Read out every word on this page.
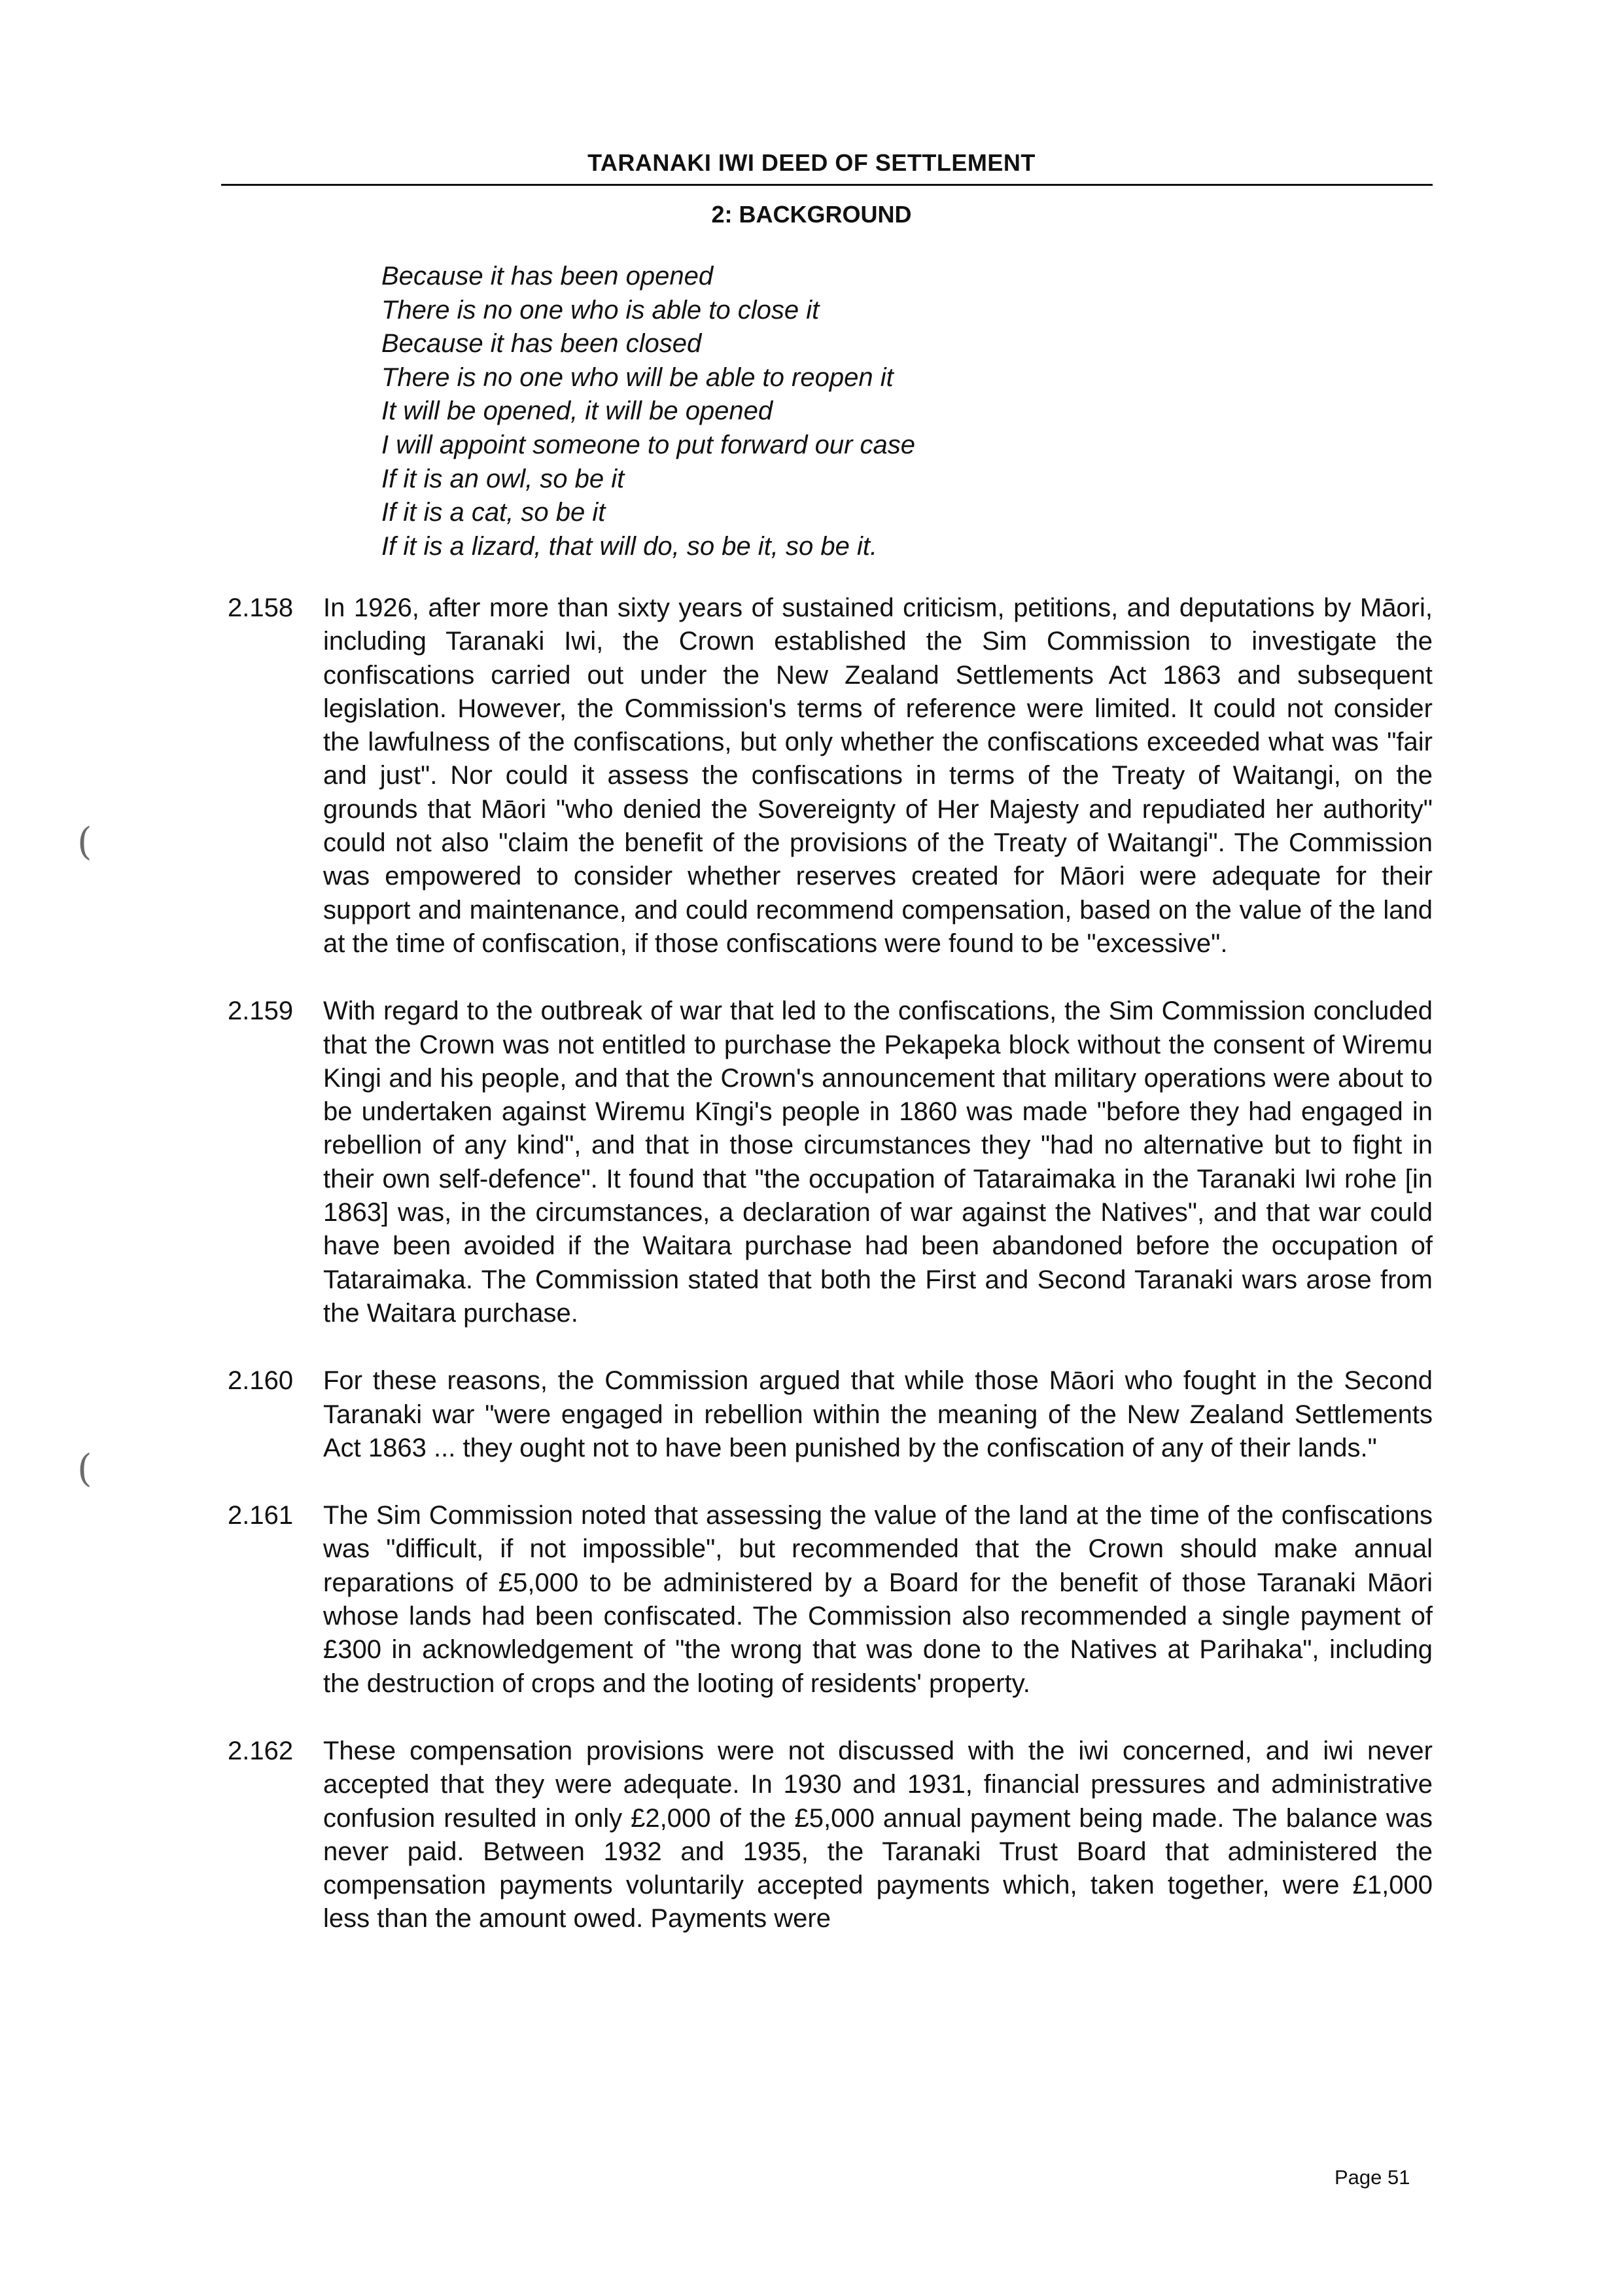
TARANAKI IWI DEED OF SETTLEMENT
2: BACKGROUND
Because it has been opened
There is no one who is able to close it
Because it has been closed
There is no one who will be able to reopen it
It will be opened, it will be opened
I will appoint someone to put forward our case
If it is an owl, so be it
If it is a cat, so be it
If it is a lizard, that will do, so be it, so be it.
2.158	In 1926, after more than sixty years of sustained criticism, petitions, and deputations by Māori, including Taranaki Iwi, the Crown established the Sim Commission to investigate the confiscations carried out under the New Zealand Settlements Act 1863 and subsequent legislation. However, the Commission's terms of reference were limited. It could not consider the lawfulness of the confiscations, but only whether the confiscations exceeded what was "fair and just". Nor could it assess the confiscations in terms of the Treaty of Waitangi, on the grounds that Māori "who denied the Sovereignty of Her Majesty and repudiated her authority" could not also "claim the benefit of the provisions of the Treaty of Waitangi". The Commission was empowered to consider whether reserves created for Māori were adequate for their support and maintenance, and could recommend compensation, based on the value of the land at the time of confiscation, if those confiscations were found to be "excessive".
2.159	With regard to the outbreak of war that led to the confiscations, the Sim Commission concluded that the Crown was not entitled to purchase the Pekapeka block without the consent of Wiremu Kingi and his people, and that the Crown's announcement that military operations were about to be undertaken against Wiremu Kīngi's people in 1860 was made "before they had engaged in rebellion of any kind", and that in those circumstances they "had no alternative but to fight in their own self-defence". It found that "the occupation of Tataraimaka in the Taranaki Iwi rohe [in 1863] was, in the circumstances, a declaration of war against the Natives", and that war could have been avoided if the Waitara purchase had been abandoned before the occupation of Tataraimaka. The Commission stated that both the First and Second Taranaki wars arose from the Waitara purchase.
2.160	For these reasons, the Commission argued that while those Māori who fought in the Second Taranaki war "were engaged in rebellion within the meaning of the New Zealand Settlements Act 1863 ... they ought not to have been punished by the confiscation of any of their lands."
2.161	The Sim Commission noted that assessing the value of the land at the time of the confiscations was "difficult, if not impossible", but recommended that the Crown should make annual reparations of £5,000 to be administered by a Board for the benefit of those Taranaki Māori whose lands had been confiscated. The Commission also recommended a single payment of £300 in acknowledgement of "the wrong that was done to the Natives at Parihaka", including the destruction of crops and the looting of residents' property.
2.162	These compensation provisions were not discussed with the iwi concerned, and iwi never accepted that they were adequate. In 1930 and 1931, financial pressures and administrative confusion resulted in only £2,000 of the £5,000 annual payment being made. The balance was never paid. Between 1932 and 1935, the Taranaki Trust Board that administered the compensation payments voluntarily accepted payments which, taken together, were £1,000 less than the amount owed. Payments were
(
(
Page 51
